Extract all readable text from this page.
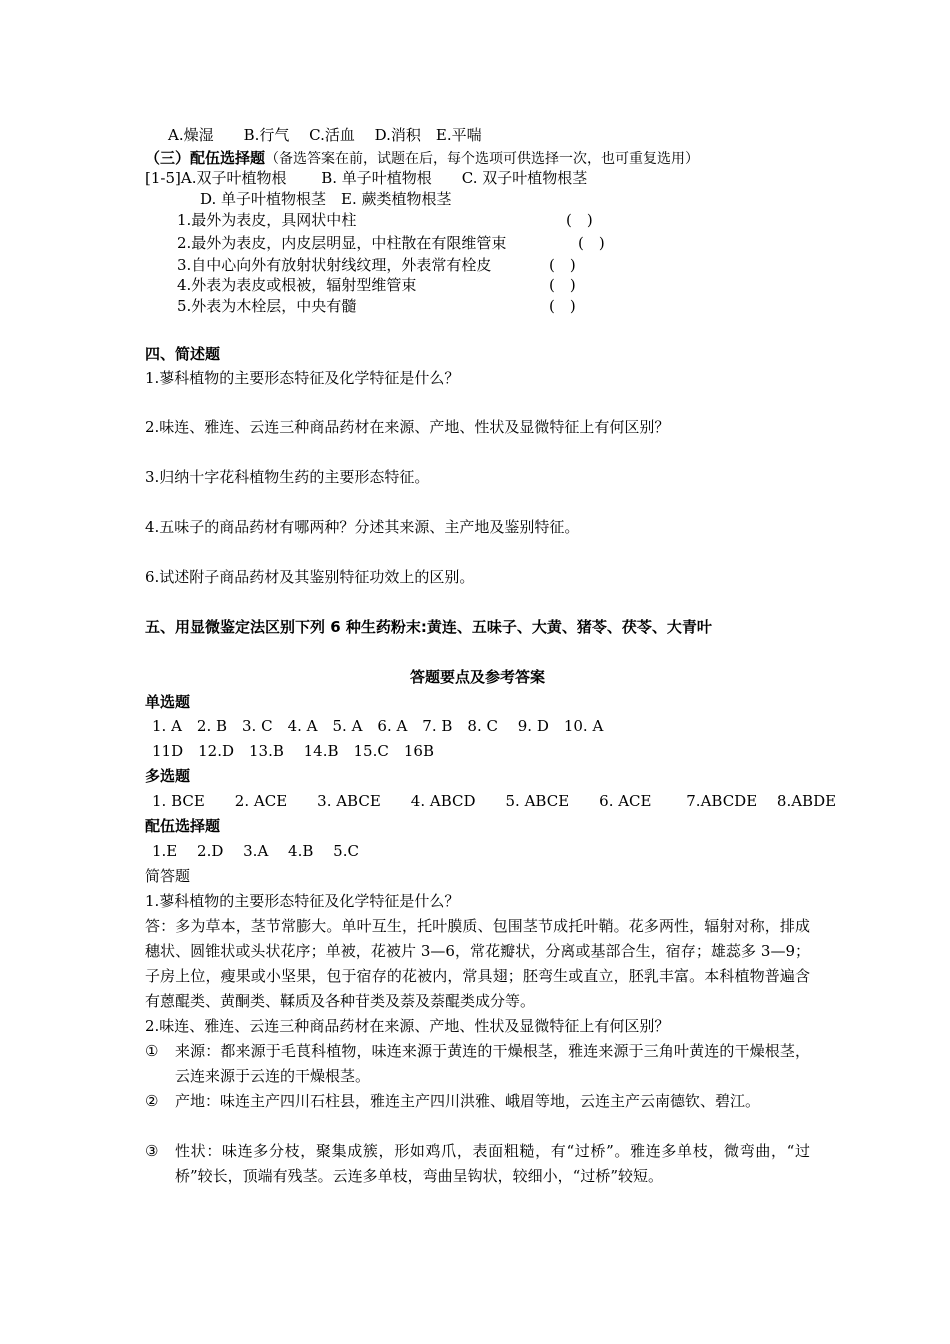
A.燥湿　　B.行气　 C.活血　 D.消积　E.平喘
（三）配伍选择题（备选答案在前，试题在后，每个选项可供选择一次，也可重复选用）
[1-5]A.双子叶植物根　　 B. 单子叶植物根　　C. 双子叶植物根茎
D. 单子叶植物根茎　E. 蕨类植物根茎
1.最外为表皮，具网状中柱	(　)
2.最外为表皮，内皮层明显，中柱散在有限维管束	(　)
3.自中心向外有放射状射线纹理，外表常有栓皮	(　)
4.外表为表皮或根被，辐射型维管束	(　)
5.外表为木栓层，中央有髓	(　)
四、简述题
1.蓼科植物的主要形态特征及化学特征是什么？
2.味连、雅连、云连三种商品药材在来源、产地、性状及显微特征上有何区别？
3.归纳十字花科植物生药的主要形态特征。
4.五味子的商品药材有哪两种？分述其来源、主产地及鉴别特征。
6.试述附子商品药材及其鉴别特征功效上的区别。
五、用显微鉴定法区别下列 6 种生药粉末:黄连、五味子、大黄、猪苓、茯苓、大青叶
答题要点及参考答案
单选题
1. A　2. B　3. C　4. A　5. A　6. A　7. B　8. C　 9. D　10. A
11D　12.D　13.B　 14.B　15.C　16B
多选题
1. BCE　　2. ACE　　3. ABCE　　4. ABCD　　5. ABCE　　6. ACE　　 7.ABCDE　 8.ABDE
配伍选择题
1.E　 2.D　 3.A　 4.B　 5.C
简答题
1.蓼科植物的主要形态特征及化学特征是什么？
答：多为草本，茎节常膨大。单叶互生，托叶膜质、包围茎节成托叶鞘。花多两性，辐射对称，排成穗状、圆锥状或头状花序；单被，花被片 3—6，常花瓣状，分离或基部合生，宿存；雄蕊多 3—9；子房上位，瘦果或小坚果，包于宿存的花被内，常具翅；胚弯生或直立，胚乳丰富。本科植物普遍含有蒽醌类、黄酮类、鞣质及各种苷类及萘及萘醌类成分等。
2.味连、雅连、云连三种商品药材在来源、产地、性状及显微特征上有何区别？
①	来源：都来源于毛茛科植物，味连来源于黄连的干燥根茎，雅连来源于三角叶黄连的干燥根茎，云连来源于云连的干燥根茎。
②	产地：味连主产四川石柱县，雅连主产四川洪雅、峨眉等地，云连主产云南德钦、碧江。
③	性状：味连多分枝，聚集成簇，形如鸡爪，表面粗糙，有“过桥”。雅连多单枝，微弯曲，“过桥”较长，顶端有残茎。云连多单枝，弯曲呈钩状，较细小，“过桥”较短。
